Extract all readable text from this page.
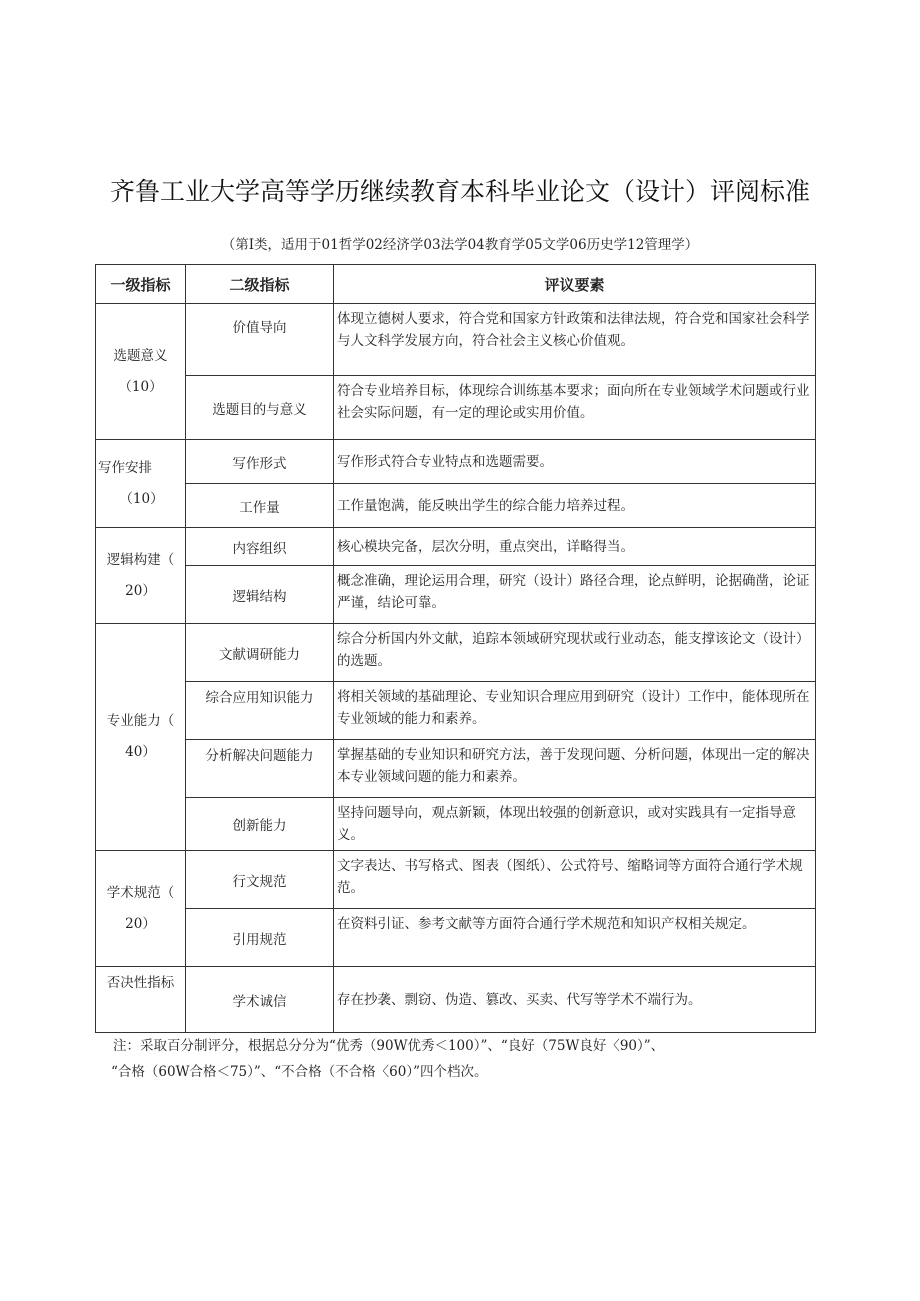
齐鲁工业大学高等学历继续教育本科毕业论文（设计）评阅标准
（第Ⅰ类，适用于01哲学02经济学03法学04教育学05文学06历史学12管理学）
一级指标	二级指标	评议要素

选题意义
（10）	价值导向	体现立德树人要求，符合党和国家方针政策和法律法规，符合党和国家社会科学与人文科学发展方向，符合社会主义核心价值观。
	选题目的与意义	符合专业培养目标，体现综合训练基本要求；面向所在专业领域学术问题或行业社会实际问题，有一定的理论或实用价值。

写作安排
（10）	写作形式	写作形式符合专业特点和选题需要。
	工作量	工作量饱满，能反映出学生的综合能力培养过程。

逻辑构建（
20）	内容组织	核心模块完备，层次分明，重点突出，详略得当。
	逻辑结构	概念准确，理论运用合理，研究（设计）路径合理，论点鲜明，论据确凿，论证严谨，结论可靠。

专业能力（
40）	文献调研能力	综合分析国内外文献，追踪本领域研究现状或行业动态，能支撑该论文（设计）的选题。
	综合应用知识能力	将相关领域的基础理论、专业知识合理应用到研究（设计）工作中，能体现所在专业领域的能力和素养。
	分析解决问题能力	掌握基础的专业知识和研究方法，善于发现问题、分析问题，体现出一定的解决本专业领域问题的能力和素养。
	创新能力	坚持问题导向，观点新颖，体现出较强的创新意识，或对实践具有一定指导意义。

学术规范（
20）	行文规范	文字表达、书写格式、图表（图纸）、公式符号、缩略词等方面符合通行学术规范。
	引用规范	在资料引证、参考文献等方面符合通行学术规范和知识产权相关规定。

否决性指标	学术诚信	存在抄袭、剽窃、伪造、篡改、买卖、代写等学术不端行为。
注：采取百分制评分，根据总分分为“优秀（90W优秀＜100）”、“良好（75W良好〈90）”、
“合格（60W合格＜75）”、“不合格（不合格〈60）”四个档次。
